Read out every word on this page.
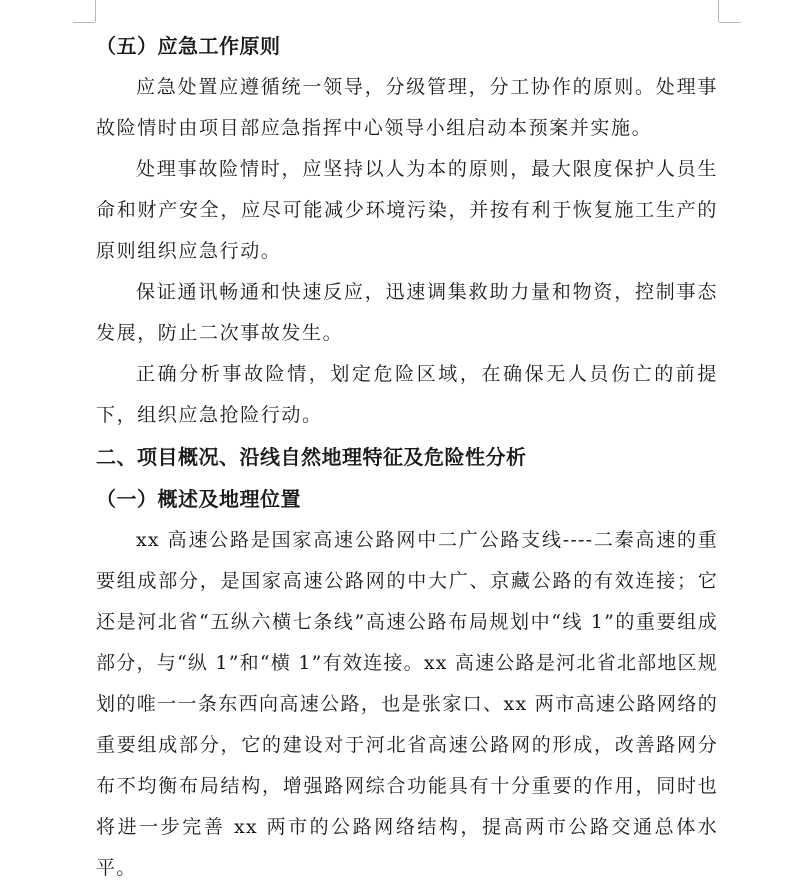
（五）应急工作原则

应急处置应遵循统一领导，分级管理，分工协作的原则。处理事故险情时由项目部应急指挥中心领导小组启动本预案并实施。

处理事故险情时，应坚持以人为本的原则，最大限度保护人员生命和财产安全，应尽可能减少环境污染，并按有利于恢复施工生产的原则组织应急行动。

保证通讯畅通和快速反应，迅速调集救助力量和物资，控制事态发展，防止二次事故发生。

正确分析事故险情，划定危险区域，在确保无人员伤亡的前提下，组织应急抢险行动。

二、项目概况、沿线自然地理特征及危险性分析
（一）概述及地理位置

xx 高速公路是国家高速公路网中二广公路支线----二秦高速的重要组成部分，是国家高速公路网的中大广、京藏公路的有效连接；它还是河北省“五纵六横七条线”高速公路布局规划中“线 1”的重要组成部分，与“纵 1”和“横 1”有效连接。xx 高速公路是河北省北部地区规划的唯一一条东西向高速公路，也是张家口、xx 两市高速公路网络的重要组成部分，它的建设对于河北省高速公路网的形成，改善路网分布不均衡布局结构，增强路网综合功能具有十分重要的作用，同时也将进一步完善 xx 两市的公路网络结构，提高两市公路交通总体水平。
